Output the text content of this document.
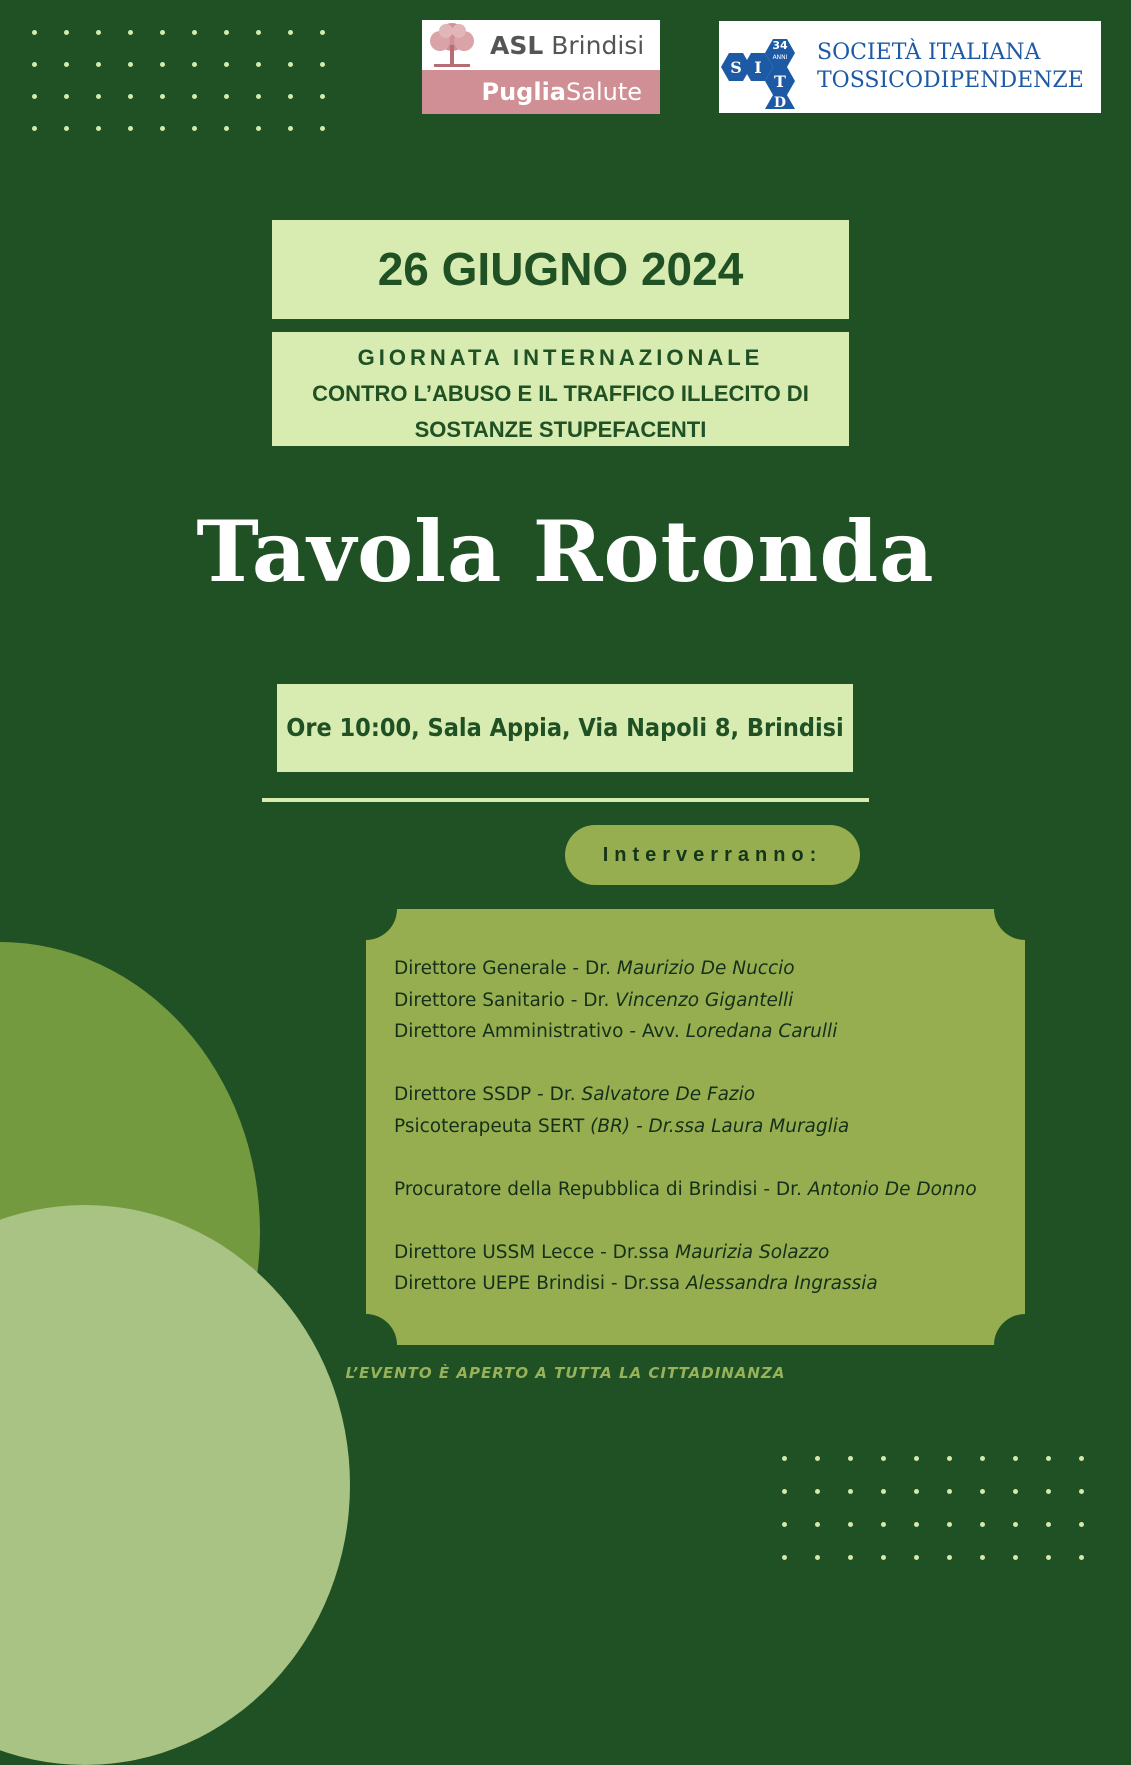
ASL Brindisi
PugliaSalute
S I
T
D
34
ANNI SOCIETÀ ITALIANA
TOSSICODIPENDENZE
26 GIUGNO 2024
GIORNATA INTERNAZIONALE
CONTRO L’ABUSO E IL TRAFFICO ILLECITO DI
SOSTANZE STUPEFACENTI
Tavola Rotonda
Ore 10:00, Sala Appia, Via Napoli 8, Brindisi
Interverranno:
Direttore Generale - Dr. Maurizio De Nuccio
Direttore Sanitario - Dr. Vincenzo Gigantelli
Direttore Amministrativo - Avv. Loredana Carulli
Direttore SSDP - Dr. Salvatore De Fazio
Psicoterapeuta SERT (BR) - Dr.ssa Laura Muraglia
Procuratore della Repubblica di Brindisi - Dr. Antonio De Donno
Direttore USSM Lecce - Dr.ssa Maurizia Solazzo
Direttore UEPE Brindisi - Dr.ssa Alessandra Ingrassia
L’EVENTO È APERTO A TUTTA LA CITTADINANZA
